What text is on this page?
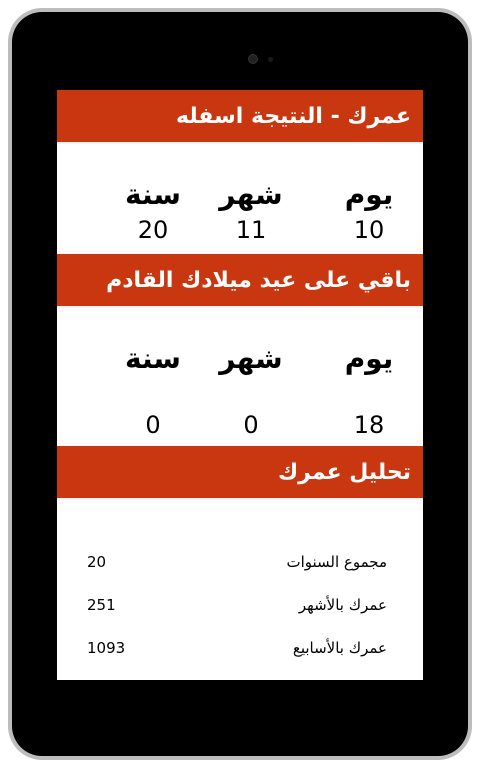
عمرك - النتيجة اسفله
يوم
شهر
سنة
10
11
20
باقي على عيد ميلادك القادم
يوم
شهر
سنة
18
0
0
تحليل عمرك
مجموع السنوات
20
عمرك بالأشهر
251
عمرك بالأسابيع
1093
عمرك بالأيام
7651
